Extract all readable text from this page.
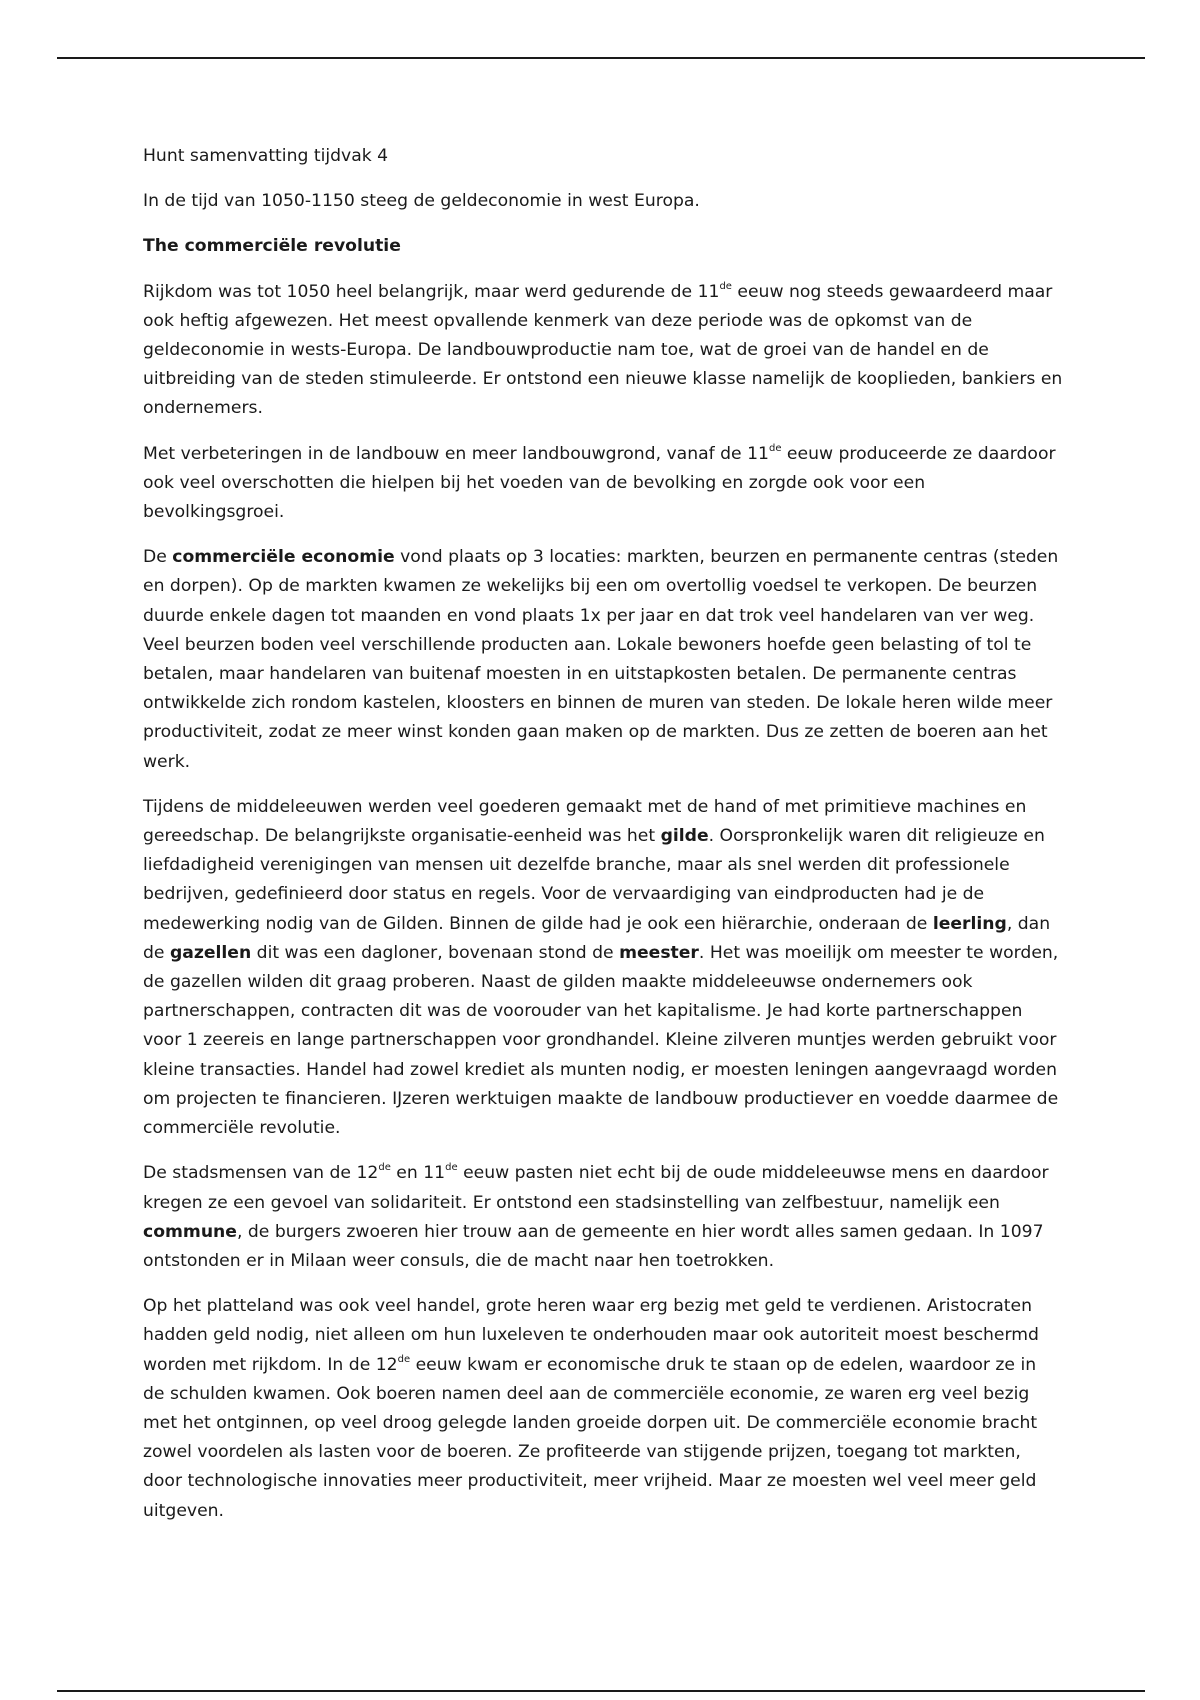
Hunt samenvatting tijdvak 4

In de tijd van 1050-1150 steeg de geldeconomie in west Europa.

The commerciële revolutie

Rijkdom was tot 1050 heel belangrijk, maar werd gedurende de 11de eeuw nog steeds gewaardeerd maar ook heftig afgewezen. Het meest opvallende kenmerk van deze periode was de opkomst van de geldeconomie in wests-Europa. De landbouwproductie nam toe, wat de groei van de handel en de uitbreiding van de steden stimuleerde. Er ontstond een nieuwe klasse namelijk de kooplieden, bankiers en ondernemers.

Met verbeteringen in de landbouw en meer landbouwgrond, vanaf de 11de eeuw produceerde ze daardoor ook veel overschotten die hielpen bij het voeden van de bevolking en zorgde ook voor een bevolkingsgroei.

De commerciële economie vond plaats op 3 locaties: markten, beurzen en permanente centras (steden en dorpen). Op de markten kwamen ze wekelijks bij een om overtollig voedsel te verkopen. De beurzen duurde enkele dagen tot maanden en vond plaats 1x per jaar en dat trok veel handelaren van ver weg. Veel beurzen boden veel verschillende producten aan. Lokale bewoners hoefde geen belasting of tol te betalen, maar handelaren van buitenaf moesten in en uitstapkosten betalen. De permanente centras ontwikkelde zich rondom kastelen, kloosters en binnen de muren van steden. De lokale heren wilde meer productiviteit, zodat ze meer winst konden gaan maken op de markten. Dus ze zetten de boeren aan het werk.

Tijdens de middeleeuwen werden veel goederen gemaakt met de hand of met primitieve machines en gereedschap. De belangrijkste organisatie-eenheid was het gilde. Oorspronkelijk waren dit religieuze en liefdadigheid verenigingen van mensen uit dezelfde branche, maar als snel werden dit professionele bedrijven, gedefinieerd door status en regels. Voor de vervaardiging van eindproducten had je de medewerking nodig van de Gilden. Binnen de gilde had je ook een hiërarchie, onderaan de leerling, dan de gazellen dit was een dagloner, bovenaan stond de meester. Het was moeilijk om meester te worden, de gazellen wilden dit graag proberen. Naast de gilden maakte middeleeuwse ondernemers ook partnerschappen, contracten dit was de voorouder van het kapitalisme. Je had korte partnerschappen voor 1 zeereis en lange partnerschappen voor grondhandel. Kleine zilveren muntjes werden gebruikt voor kleine transacties. Handel had zowel krediet als munten nodig, er moesten leningen aangevraagd worden om projecten te financieren. IJzeren werktuigen maakte de landbouw productiever en voedde daarmee de commerciële revolutie.

De stadsmensen van de 12de en 11de eeuw pasten niet echt bij de oude middeleeuwse mens en daardoor kregen ze een gevoel van solidariteit. Er ontstond een stadsinstelling van zelfbestuur, namelijk een commune, de burgers zwoeren hier trouw aan de gemeente en hier wordt alles samen gedaan. In 1097 ontstonden er in Milaan weer consuls, die de macht naar hen toetrokken.

Op het platteland was ook veel handel, grote heren waar erg bezig met geld te verdienen. Aristocraten hadden geld nodig, niet alleen om hun luxeleven te onderhouden maar ook autoriteit moest beschermd worden met rijkdom. In de 12de eeuw kwam er economische druk te staan op de edelen, waardoor ze in de schulden kwamen. Ook boeren namen deel aan de commerciële economie, ze waren erg veel bezig met het ontginnen, op veel droog gelegde landen groeide dorpen uit. De commerciële economie bracht zowel voordelen als lasten voor de boeren. Ze profiteerde van stijgende prijzen, toegang tot markten, door technologische innovaties meer productiviteit, meer vrijheid. Maar ze moesten wel veel meer geld uitgeven.
